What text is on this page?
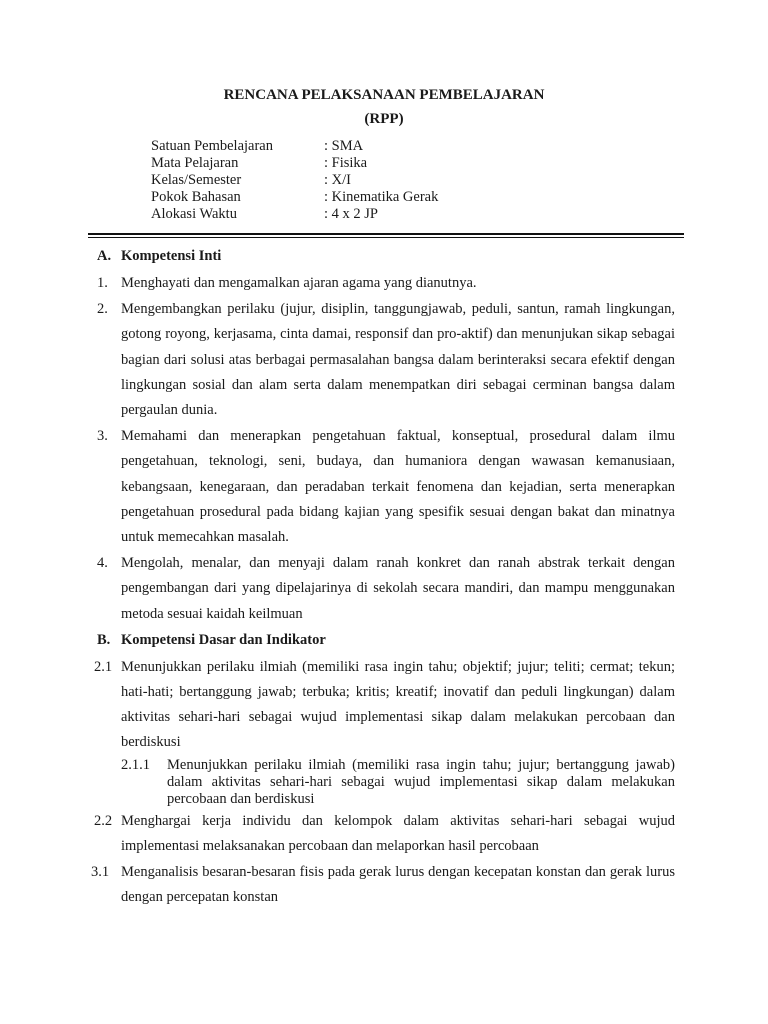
RENCANA PELAKSANAAN PEMBELAJARAN
(RPP)
Satuan Pembelajaran	: SMA
Mata Pelajaran	: Fisika
Kelas/Semester	: X/I
Pokok Bahasan	: Kinematika Gerak
Alokasi Waktu	: 4 x 2 JP
A. Kompetensi Inti
1. Menghayati dan mengamalkan ajaran agama yang dianutnya.
2. Mengembangkan perilaku (jujur, disiplin, tanggungjawab, peduli, santun, ramah lingkungan, gotong royong, kerjasama, cinta damai, responsif dan pro-aktif) dan menunjukan sikap sebagai bagian dari solusi atas berbagai permasalahan bangsa dalam berinteraksi secara efektif dengan lingkungan sosial dan alam serta dalam menempatkan diri sebagai cerminan bangsa dalam pergaulan dunia.
3. Memahami dan menerapkan pengetahuan faktual, konseptual, prosedural dalam ilmu pengetahuan, teknologi, seni, budaya, dan humaniora dengan wawasan kemanusiaan, kebangsaan, kenegaraan, dan peradaban terkait fenomena dan kejadian, serta menerapkan pengetahuan prosedural pada bidang kajian yang spesifik sesuai dengan bakat dan minatnya untuk memecahkan masalah.
4. Mengolah, menalar, dan menyaji dalam ranah konkret dan ranah abstrak terkait dengan pengembangan dari yang dipelajarinya di sekolah secara mandiri, dan mampu menggunakan metoda sesuai kaidah keilmuan
B. Kompetensi Dasar dan Indikator
2.1 Menunjukkan perilaku ilmiah (memiliki rasa ingin tahu; objektif; jujur; teliti; cermat; tekun; hati-hati; bertanggung jawab; terbuka; kritis; kreatif; inovatif dan peduli lingkungan) dalam aktivitas sehari-hari sebagai wujud implementasi sikap dalam melakukan percobaan dan berdiskusi
2.1.1	Menunjukkan perilaku ilmiah (memiliki rasa ingin tahu; jujur; bertanggung jawab) dalam aktivitas sehari-hari sebagai wujud implementasi sikap dalam melakukan percobaan dan berdiskusi
2.2 Menghargai kerja individu dan kelompok dalam aktivitas sehari-hari sebagai wujud implementasi melaksanakan percobaan dan melaporkan hasil percobaan
3.1 Menganalisis besaran-besaran fisis pada gerak lurus dengan kecepatan konstan dan gerak lurus dengan percepatan konstan
